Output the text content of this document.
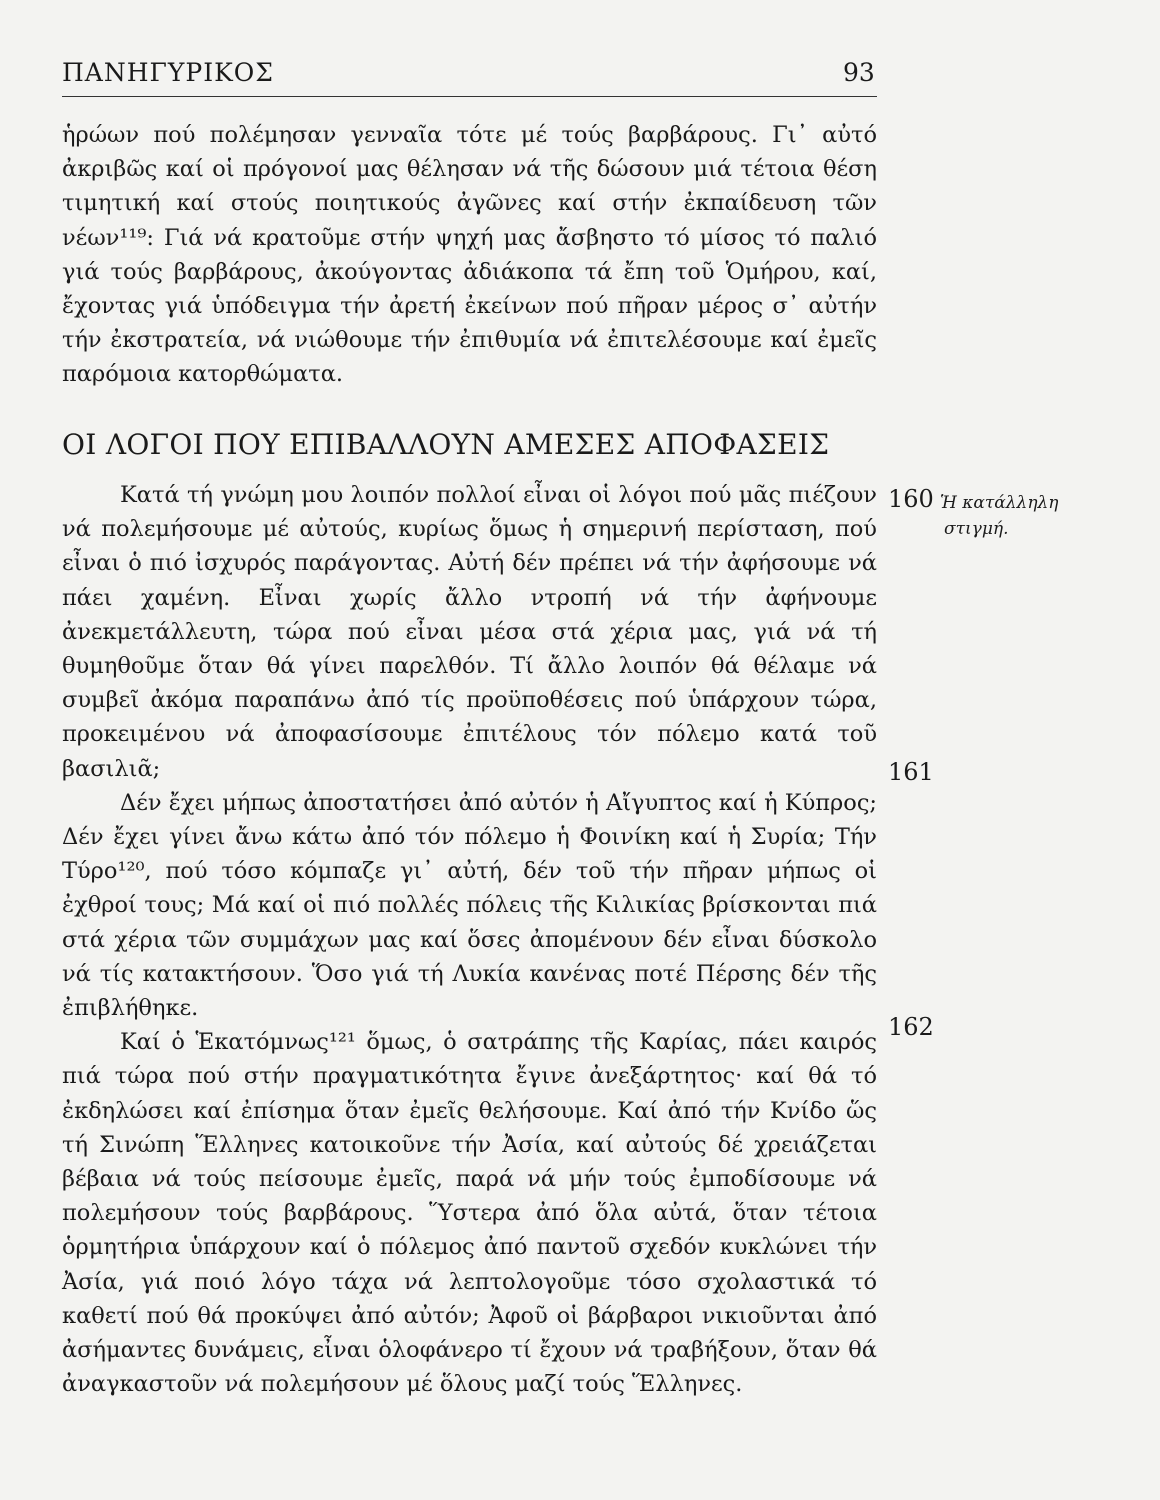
ΠΑΝΗΓΥΡΙΚΟΣ	93

ἡρώων πού πολέμησαν γενναῖα τότε μέ τούς βαρβάρους. Γι᾽ αὐτό ἀκριβῶς καί οἱ πρόγονοί μας θέλησαν νά τῆς δώσουν μιά τέτοια θέση τιμητική καί στούς ποιητικούς ἀγῶνες καί στήν ἐκπαίδευση τῶν νέων¹¹⁹: Γιά νά κρατοῦμε στήν ψηχή μας ἄσβηστο τό μίσος τό παλιό γιά τούς βαρβάρους, ἀκούγοντας ἀδιάκοπα τά ἔπη τοῦ Ὁμήρου, καί, ἔχοντας γιά ὑπόδειγμα τήν ἀρετή ἐκείνων πού πῆραν μέρος σ᾽ αὐτήν τήν ἐκστρατεία, νά νιώθουμε τήν ἐπιθυμία νά ἐπιτελέσουμε καί ἐμεῖς παρόμοια κατορθώματα.

ΟΙ ΛΟΓΟΙ ΠΟΥ ΕΠΙΒΑΛΛΟΥΝ ΑΜΕΣΕΣ ΑΠΟΦΑΣΕΙΣ

Κατά τή γνώμη μου λοιπόν πολλοί εἶναι οἱ λόγοι πού μᾶς πιέζουν νά πολεμήσουμε μέ αὐτούς, κυρίως ὅμως ἡ σημερινή περίσταση, πού εἶναι ὁ πιό ἰσχυρός παράγοντας. Αὐτή δέν πρέπει νά τήν ἀφήσουμε νά πάει χαμένη. Εἶναι χωρίς ἄλλο ντροπή νά τήν ἀφήνουμε ἀνεκμετάλλευτη, τώρα πού εἶναι μέσα στά χέρια μας, γιά νά τή θυμηθοῦμε ὅταν θά γίνει παρελθόν. Τί ἄλλο λοιπόν θά θέλαμε νά συμβεῖ ἀκόμα παραπάνω ἀπό τίς προϋποθέσεις πού ὑπάρχουν τώρα, προκειμένου νά ἀποφασίσουμε ἐπιτέλους τόν πόλεμο κατά τοῦ βασιλιᾶ;

Δέν ἔχει μήπως ἀποστατήσει ἀπό αὐτόν ἡ Αἴγυπτος καί ἡ Κύπρος; Δέν ἔχει γίνει ἄνω κάτω ἀπό τόν πόλεμο ἡ Φοινίκη καί ἡ Συρία; Τήν Τύρο¹²⁰, πού τόσο κόμπαζε γι᾽ αὐτή, δέν τοῦ τήν πῆραν μήπως οἱ ἐχθροί τους; Μά καί οἱ πιό πολλές πόλεις τῆς Κιλικίας βρίσκονται πιά στά χέρια τῶν συμμάχων μας καί ὅσες ἀπομένουν δέν εἶναι δύσκολο νά τίς κατακτήσουν. Ὅσο γιά τή Λυκία κανένας ποτέ Πέρσης δέν τῆς ἐπιβλήθηκε.

Καί ὁ Ἑκατόμνως¹²¹ ὅμως, ὁ σατράπης τῆς Καρίας, πάει καιρός πιά τώρα πού στήν πραγματικότητα ἔγινε ἀνεξάρτητος· καί θά τό ἐκδηλώσει καί ἐπίσημα ὅταν ἐμεῖς θελήσουμε. Καί ἀπό τήν Κνίδο ὥς τή Σινώπη Ἕλληνες κατοικοῦνε τήν Ἀσία, καί αὐτούς δέ χρειάζεται βέβαια νά τούς πείσουμε ἐμεῖς, παρά νά μήν τούς ἐμποδίσουμε νά πολεμήσουν τούς βαρβάρους. Ὕστερα ἀπό ὅλα αὐτά, ὅταν τέτοια ὁρμητήρια ὑπάρχουν καί ὁ πόλεμος ἀπό παντοῦ σχεδόν κυκλώνει τήν Ἀσία, γιά ποιό λόγο τάχα νά λεπτολογοῦμε τόσο σχολαστικά τό καθετί πού θά προκύψει ἀπό αὐτόν; Ἀφοῦ οἱ βάρβαροι νικιοῦνται ἀπό ἀσήμαντες δυνάμεις, εἶναι ὁλοφάνερο τί ἔχουν νά τραβήξουν, ὅταν θά ἀναγκαστοῦν νά πολεμήσουν μέ ὅλους μαζί τούς Ἕλληνες.

160
161
162
Ἡ κατάλληλη
στιγμή.
